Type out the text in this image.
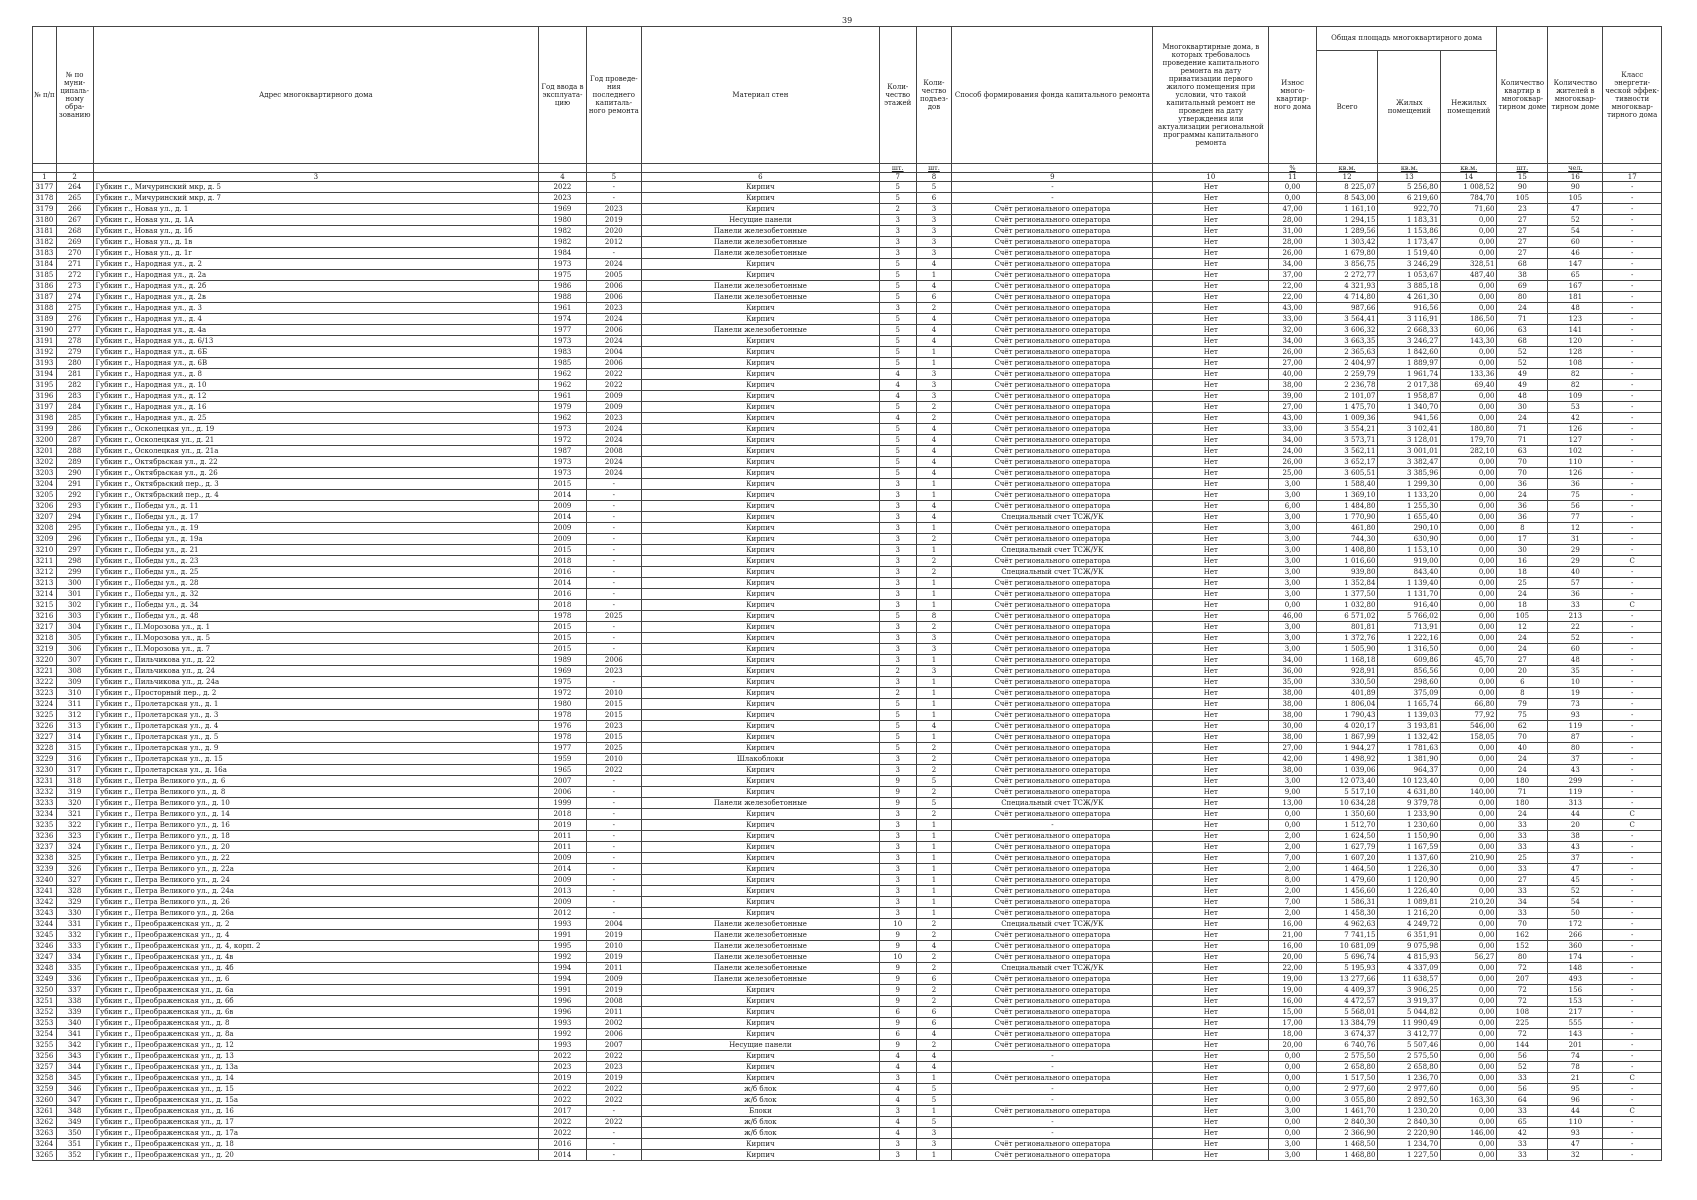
39
№ п/п	№ по муни-ципаль-ному обра-зованию	Адрес многоквартирного дома	Год ввода в эксплуата-цию	Год проведе-ния последнего капиталь-ного ремонта	Материал стен	Коли-чество этажей	Коли-чество подъез-дов	Способ формирования фонда капитального ремонта	Многоквартирные дома, в которых требовалось проведение капитального ремонта на дату приватизации первого жилого помещения при условии, что такой капитальный ремонт не проведен на дату утверждения или актуализации региональной программы капитального ремонта	Износ много-квартир-ного дома	Общая площадь многоквартирного дома			Количество квартир в многоквар-тирном доме	Количество жителей в многоквар-тирном доме	Класс энергети-ческой эффек-тивности многоквар-тирного дома
											Всего	Жилых помещений	Нежилых помещений			
						шт.	шт.			%	кв.м.	кв.м.	кв.м.	шт.	чел.	
1	2	3	4	5	6	7	8	9	10	11	12	13	14	15	16	17
3177	264	Губкин г., Мичуринский мкр, д. 5	2022	-	Кирпич	5	5	-	Нет	0,00	8 225,07	5 256,80	1 008,52	90	90	-
3178	265	Губкин г., Мичуринский мкр, д. 7	2023	-	Кирпич	5	6	-	Нет	0,00	8 543,00	6 219,60	784,70	105	105	-
3179	266	Губкин г., Новая ул., д. 1	1969	2023	Кирпич	2	3	Счёт регионального оператора	Нет	47,00	1 161,10	922,70	71,60	23	47	-
3180	267	Губкин г., Новая ул., д. 1А	1980	2019	Несущие панели	3	3	Счёт регионального оператора	Нет	28,00	1 294,15	1 183,31	0,00	27	52	-
3181	268	Губкин г., Новая ул., д. 1б	1982	2020	Панели железобетонные	3	3	Счёт регионального оператора	Нет	31,00	1 289,56	1 153,86	0,00	27	54	-
3182	269	Губкин г., Новая ул., д. 1в	1982	2012	Панели железобетонные	3	3	Счёт регионального оператора	Нет	28,00	1 303,42	1 173,47	0,00	27	60	-
3183	270	Губкин г., Новая ул., д. 1г	1984	-	Панели железобетонные	3	3	Счёт регионального оператора	Нет	26,00	1 679,80	1 519,40	0,00	27	46	-
3184	271	Губкин г., Народная ул., д. 2	1973	2024	Кирпич	5	4	Счёт регионального оператора	Нет	34,00	3 856,75	3 246,29	328,51	68	147	-
3185	272	Губкин г., Народная ул., д. 2а	1975	2005	Кирпич	5	1	Счёт регионального оператора	Нет	37,00	2 272,77	1 053,67	487,40	38	65	-
3186	273	Губкин г., Народная ул., д. 2б	1986	2006	Панели железобетонные	5	4	Счёт регионального оператора	Нет	22,00	4 321,93	3 885,18	0,00	69	167	-
3187	274	Губкин г., Народная ул., д. 2в	1988	2006	Панели железобетонные	5	6	Счёт регионального оператора	Нет	22,00	4 714,80	4 261,30	0,00	80	181	-
3188	275	Губкин г., Народная ул., д. 3	1961	2023	Кирпич	3	2	Счёт регионального оператора	Нет	43,00	987,66	916,56	0,00	24	48	-
3189	276	Губкин г., Народная ул., д. 4	1974	2024	Кирпич	5	4	Счёт регионального оператора	Нет	33,00	3 564,41	3 116,91	186,50	71	123	-
3190	277	Губкин г., Народная ул., д. 4а	1977	2006	Панели железобетонные	5	4	Счёт регионального оператора	Нет	32,00	3 606,32	2 668,33	60,06	63	141	-
3191	278	Губкин г., Народная ул., д. 6/13	1973	2024	Кирпич	5	4	Счёт регионального оператора	Нет	34,00	3 663,35	3 246,27	143,30	68	120	-
3192	279	Губкин г., Народная ул., д. 6Б	1983	2004	Кирпич	5	1	Счёт регионального оператора	Нет	26,00	2 365,63	1 842,60	0,00	52	128	-
3193	280	Губкин г., Народная ул., д. 6В	1985	2006	Кирпич	5	1	Счёт регионального оператора	Нет	27,00	2 404,97	1 889,97	0,00	52	108	-
3194	281	Губкин г., Народная ул., д. 8	1962	2022	Кирпич	4	3	Счёт регионального оператора	Нет	40,00	2 259,79	1 961,74	133,36	49	82	-
3195	282	Губкин г., Народная ул., д. 10	1962	2022	Кирпич	4	3	Счёт регионального оператора	Нет	38,00	2 236,78	2 017,38	69,40	49	82	-
3196	283	Губкин г., Народная ул., д. 12	1961	2009	Кирпич	4	3	Счёт регионального оператора	Нет	39,00	2 101,07	1 958,87	0,00	48	109	-
3197	284	Губкин г., Народная ул., д. 16	1979	2009	Кирпич	5	2	Счёт регионального оператора	Нет	27,00	1 475,70	1 340,70	0,00	30	53	-
3198	285	Губкин г., Народная ул., д. 25	1962	2023	Кирпич	4	2	Счёт регионального оператора	Нет	43,00	1 009,36	941,56	0,00	24	42	-
3199	286	Губкин г., Осколецкая ул., д. 19	1973	2024	Кирпич	5	4	Счёт регионального оператора	Нет	33,00	3 554,21	3 102,41	180,80	71	126	-
3200	287	Губкин г., Осколецкая ул., д. 21	1972	2024	Кирпич	5	4	Счёт регионального оператора	Нет	34,00	3 573,71	3 128,01	179,70	71	127	-
3201	288	Губкин г., Осколецкая ул., д. 21а	1987	2008	Кирпич	5	4	Счёт регионального оператора	Нет	24,00	3 562,11	3 001,01	282,10	63	102	-
3202	289	Губкин г., Октябрьская ул., д. 22	1973	2024	Кирпич	5	4	Счёт регионального оператора	Нет	26,00	3 652,17	3 382,47	0,00	70	110	-
3203	290	Губкин г., Октябрьская ул., д. 26	1973	2024	Кирпич	5	4	Счёт регионального оператора	Нет	25,00	3 605,51	3 385,96	0,00	70	126	-
3204	291	Губкин г., Октябрьский пер., д. 3	2015	-	Кирпич	3	1	Счёт регионального оператора	Нет	3,00	1 588,40	1 299,30	0,00	36	36	-
3205	292	Губкин г., Октябрьский пер., д. 4	2014	-	Кирпич	3	1	Счёт регионального оператора	Нет	3,00	1 369,10	1 133,20	0,00	24	75	-
3206	293	Губкин г., Победы ул., д. 11	2009	-	Кирпич	3	4	Счёт регионального оператора	Нет	6,00	1 484,80	1 255,30	0,00	36	56	-
3207	294	Губкин г., Победы ул., д. 17	2014	-	Кирпич	3	4	Специальный счет ТСЖ/УК	Нет	3,00	1 770,90	1 655,40	0,00	36	77	-
3208	295	Губкин г., Победы ул., д. 19	2009	-	Кирпич	3	1	Счёт регионального оператора	Нет	3,00	461,80	290,10	0,00	8	12	-
3209	296	Губкин г., Победы ул., д. 19а	2009	-	Кирпич	3	2	Счёт регионального оператора	Нет	3,00	744,30	630,90	0,00	17	31	-
3210	297	Губкин г., Победы ул., д. 21	2015	-	Кирпич	3	1	Специальный счет ТСЖ/УК	Нет	3,00	1 408,80	1 153,10	0,00	30	29	-
3211	298	Губкин г., Победы ул., д. 23	2018	-	Кирпич	3	2	Счёт регионального оператора	Нет	3,00	1 016,60	919,00	0,00	16	29	С
3212	299	Губкин г., Победы ул., д. 25	2016	-	Кирпич	3	2	Специальный счет ТСЖ/УК	Нет	3,00	939,80	843,40	0,00	18	40	-
3213	300	Губкин г., Победы ул., д. 28	2014	-	Кирпич	3	1	Счёт регионального оператора	Нет	3,00	1 352,84	1 139,40	0,00	25	57	-
3214	301	Губкин г., Победы ул., д. 32	2016	-	Кирпич	3	1	Счёт регионального оператора	Нет	3,00	1 377,50	1 131,70	0,00	24	36	-
3215	302	Губкин г., Победы ул., д. 34	2018	-	Кирпич	3	1	Счёт регионального оператора	Нет	0,00	1 032,80	916,40	0,00	18	33	С
3216	303	Губкин г., Победы ул., д. 48	1978	2025	Кирпич	5	8	Счёт регионального оператора	Нет	46,00	6 571,02	5 766,02	0,00	105	213	-
3217	304	Губкин г., П.Морозова ул., д. 1	2015	-	Кирпич	3	2	Счёт регионального оператора	Нет	3,00	801,81	713,91	0,00	12	22	-
3218	305	Губкин г., П.Морозова ул., д. 5	2015	-	Кирпич	3	3	Счёт регионального оператора	Нет	3,00	1 372,76	1 222,16	0,00	24	52	-
3219	306	Губкин г., П.Морозова ул., д. 7	2015	-	Кирпич	3	3	Счёт регионального оператора	Нет	3,00	1 505,90	1 316,50	0,00	24	60	-
3220	307	Губкин г., Пильчикова ул., д. 22	1989	2006	Кирпич	3	1	Счёт регионального оператора	Нет	34,00	1 168,18	609,86	45,70	27	48	-
3221	308	Губкин г., Пильчикова ул., д. 24	1969	2023	Кирпич	2	3	Счёт регионального оператора	Нет	36,00	928,91	856,56	0,00	20	35	-
3222	309	Губкин г., Пильчикова ул., д. 24а	1975	-	Кирпич	3	1	Счёт регионального оператора	Нет	35,00	330,50	298,60	0,00	6	10	-
3223	310	Губкин г., Просторный пер., д. 2	1972	2010	Кирпич	2	1	Счёт регионального оператора	Нет	38,00	401,89	375,09	0,00	8	19	-
3224	311	Губкин г., Пролетарская ул., д. 1	1980	2015	Кирпич	5	1	Счёт регионального оператора	Нет	38,00	1 806,04	1 165,74	66,80	79	73	-
3225	312	Губкин г., Пролетарская ул., д. 3	1978	2015	Кирпич	5	1	Счёт регионального оператора	Нет	38,00	1 790,43	1 139,03	77,92	75	93	-
3226	313	Губкин г., Пролетарская ул., д. 4	1976	2023	Кирпич	5	4	Счёт регионального оператора	Нет	30,00	4 020,17	3 193,81	546,00	62	119	-
3227	314	Губкин г., Пролетарская ул., д. 5	1978	2015	Кирпич	5	1	Счёт регионального оператора	Нет	38,00	1 867,99	1 132,42	158,05	70	87	-
3228	315	Губкин г., Пролетарская ул., д. 9	1977	2025	Кирпич	5	2	Счёт регионального оператора	Нет	27,00	1 944,27	1 781,63	0,00	40	80	-
3229	316	Губкин г., Пролетарская ул., д. 15	1959	2010	Шлакоблоки	3	2	Счёт регионального оператора	Нет	42,00	1 498,92	1 381,90	0,00	24	37	-
3230	317	Губкин г., Пролетарская ул., д. 16а	1965	2022	Кирпич	3	2	Счёт регионального оператора	Нет	38,00	1 039,06	964,37	0,00	24	43	-
3231	318	Губкин г., Петра Великого ул., д. 6	2007	-	Кирпич	9	5	Счёт регионального оператора	Нет	3,00	12 073,40	10 123,40	0,00	180	299	-
3232	319	Губкин г., Петра Великого ул., д. 8	2006	-	Кирпич	9	2	Счёт регионального оператора	Нет	9,00	5 517,10	4 631,80	140,00	71	119	-
3233	320	Губкин г., Петра Великого ул., д. 10	1999	-	Панели железобетонные	9	5	Специальный счет ТСЖ/УК	Нет	13,00	10 634,28	9 379,78	0,00	180	313	-
3234	321	Губкин г., Петра Великого ул., д. 14	2018	-	Кирпич	3	2	Счёт регионального оператора	Нет	0,00	1 350,60	1 233,90	0,00	24	44	С
3235	322	Губкин г., Петра Великого ул., д. 16	2019	-	Кирпич	3	1	-	Нет	0,00	1 512,70	1 230,60	0,00	33	20	С
3236	323	Губкин г., Петра Великого ул., д. 18	2011	-	Кирпич	3	1	Счёт регионального оператора	Нет	2,00	1 624,50	1 150,90	0,00	33	38	-
3237	324	Губкин г., Петра Великого ул., д. 20	2011	-	Кирпич	3	1	Счёт регионального оператора	Нет	2,00	1 627,79	1 167,59	0,00	33	43	-
3238	325	Губкин г., Петра Великого ул., д. 22	2009	-	Кирпич	3	1	Счёт регионального оператора	Нет	7,00	1 607,20	1 137,60	210,90	25	37	-
3239	326	Губкин г., Петра Великого ул., д. 22а	2014	-	Кирпич	3	1	Счёт регионального оператора	Нет	2,00	1 464,50	1 226,30	0,00	33	47	-
3240	327	Губкин г., Петра Великого ул., д. 24	2009	-	Кирпич	3	1	Счёт регионального оператора	Нет	8,00	1 479,60	1 120,90	0,00	27	45	-
3241	328	Губкин г., Петра Великого ул., д. 24а	2013	-	Кирпич	3	1	Счёт регионального оператора	Нет	2,00	1 456,60	1 226,40	0,00	33	52	-
3242	329	Губкин г., Петра Великого ул., д. 26	2009	-	Кирпич	3	1	Счёт регионального оператора	Нет	7,00	1 586,31	1 089,81	210,20	34	54	-
3243	330	Губкин г., Петра Великого ул., д. 26а	2012	-	Кирпич	3	1	Счёт регионального оператора	Нет	2,00	1 458,30	1 216,20	0,00	33	50	-
3244	331	Губкин г., Преображенская ул., д. 2	1993	2004	Панели железобетонные	10	2	Специальный счет ТСЖ/УК	Нет	16,00	4 962,63	4 249,72	0,00	70	172	-
3245	332	Губкин г., Преображенская ул., д. 4	1991	2019	Панели железобетонные	9	2	Счёт регионального оператора	Нет	21,00	7 741,15	6 351,91	0,00	162	266	-
3246	333	Губкин г., Преображенская ул., д. 4, корп. 2	1995	2010	Панели железобетонные	9	4	Счёт регионального оператора	Нет	16,00	10 681,09	9 075,98	0,00	152	360	-
3247	334	Губкин г., Преображенская ул., д. 4в	1992	2019	Панели железобетонные	10	2	Счёт регионального оператора	Нет	20,00	5 696,74	4 815,93	56,27	80	174	-
3248	335	Губкин г., Преображенская ул., д. 4б	1994	2011	Панели железобетонные	9	2	Специальный счет ТСЖ/УК	Нет	22,00	5 195,93	4 337,09	0,00	72	148	-
3249	336	Губкин г., Преображенская ул., д. 6	1994	2009	Панели железобетонные	9	6	Счёт регионального оператора	Нет	19,00	13 277,66	11 638,57	0,00	207	493	-
3250	337	Губкин г., Преображенская ул., д. 6а	1991	2019	Кирпич	9	2	Счёт регионального оператора	Нет	19,00	4 409,37	3 906,25	0,00	72	156	-
3251	338	Губкин г., Преображенская ул., д. 6б	1996	2008	Кирпич	9	2	Счёт регионального оператора	Нет	16,00	4 472,57	3 919,37	0,00	72	153	-
3252	339	Губкин г., Преображенская ул., д. 6в	1996	2011	Кирпич	6	6	Счёт регионального оператора	Нет	15,00	5 568,01	5 044,82	0,00	108	217	-
3253	340	Губкин г., Преображенская ул., д. 8	1993	2002	Кирпич	9	6	Счёт регионального оператора	Нет	17,00	13 384,79	11 990,49	0,00	225	555	-
3254	341	Губкин г., Преображенская ул., д. 8а	1992	2006	Кирпич	6	4	Счёт регионального оператора	Нет	18,00	3 674,37	3 412,77	0,00	72	143	-
3255	342	Губкин г., Преображенская ул., д. 12	1993	2007	Несущие панели	9	2	Счёт регионального оператора	Нет	20,00	6 740,76	5 507,46	0,00	144	201	-
3256	343	Губкин г., Преображенская ул., д. 13	2022	2022	Кирпич	4	4	-	Нет	0,00	2 575,50	2 575,50	0,00	56	74	-
3257	344	Губкин г., Преображенская ул., д. 13а	2023	2023	Кирпич	4	4	-	Нет	0,00	2 658,80	2 658,80	0,00	52	78	-
3258	345	Губкин г., Преображенская ул., д. 14	2019	2019	Кирпич	3	1	Счёт регионального оператора	Нет	0,00	1 517,50	1 236,70	0,00	33	21	С
3259	346	Губкин г., Преображенская ул., д. 15	2022	2022	ж/б блок	4	5	-	Нет	0,00	2 977,60	2 977,60	0,00	56	95	-
3260	347	Губкин г., Преображенская ул., д. 15а	2022	2022	ж/б блок	4	5	-	Нет	0,00	3 055,80	2 892,50	163,30	64	96	-
3261	348	Губкин г., Преображенская ул., д. 16	2017	-	Блоки	3	1	Счёт регионального оператора	Нет	3,00	1 461,70	1 230,20	0,00	33	44	С
3262	349	Губкин г., Преображенская ул., д. 17	2022	2022	ж/б блок	4	5	-	Нет	0,00	2 840,30	2 840,30	0,00	65	110	-
3263	350	Губкин г., Преображенская ул., д. 17а	2022	-	ж/б блок	4	3	-	Нет	0,00	2 366,90	2 220,90	146,00	42	93	-
3264	351	Губкин г., Преображенская ул., д. 18	2016	-	Кирпич	3	3	Счёт регионального оператора	Нет	3,00	1 468,50	1 234,70	0,00	33	47	-
3265	352	Губкин г., Преображенская ул., д. 20	2014	-	Кирпич	3	1	Счёт регионального оператора	Нет	3,00	1 468,80	1 227,50	0,00	33	32	-
